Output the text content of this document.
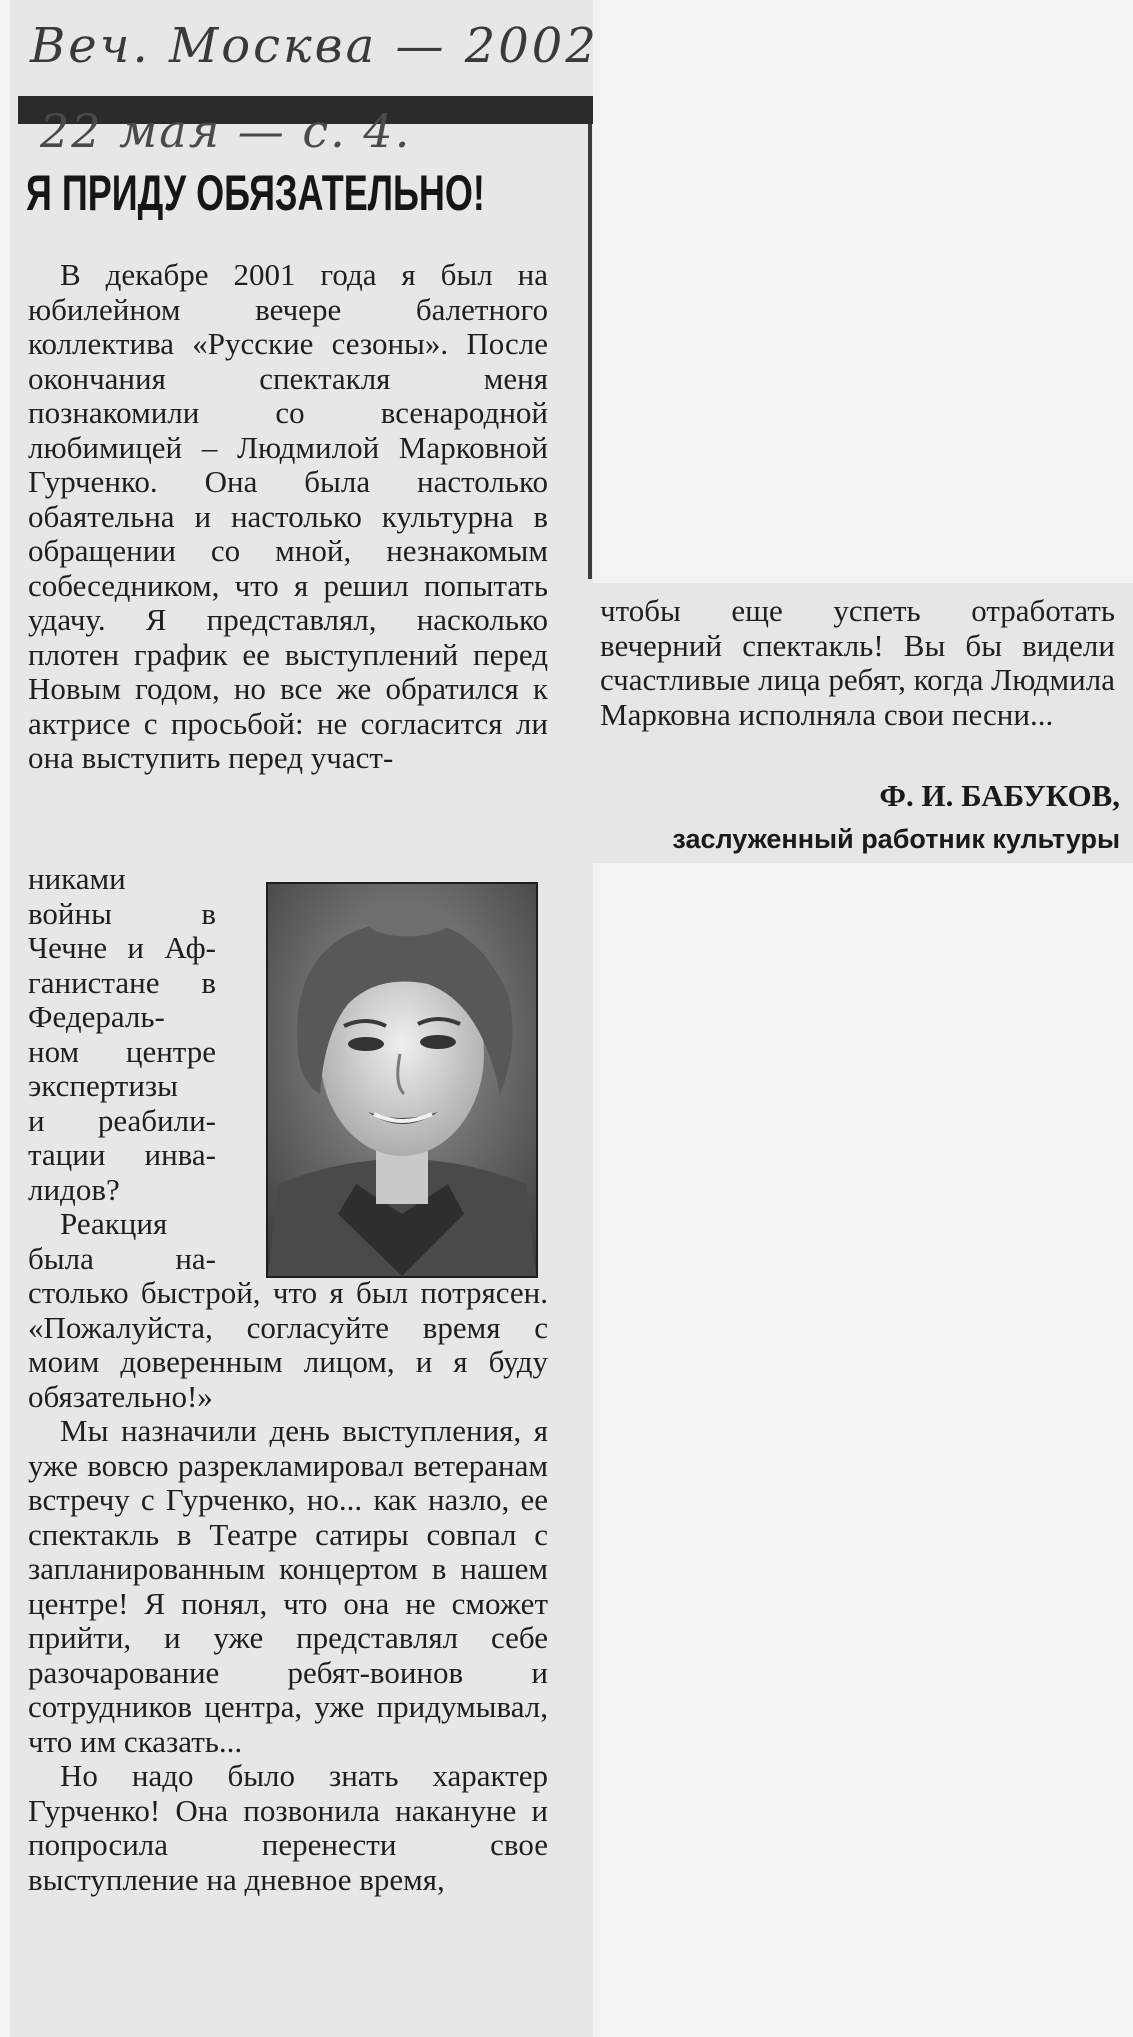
Веч. Москва — 2002
22 мая — с. 4.
Я ПРИДУ ОБЯЗАТЕЛЬНО!

В декабре 2001 года я был на юбилейном вечере балетного коллектива «Русские сезоны». После окончания спектакля меня познакомили со всенародной любимицей – Людмилой Марковной Гурченко. Она была настолько обаятельна и настолько культурна в обращении со мной, незнакомым собеседником, что я решил попытать удачу. Я представлял, насколько плотен график ее выступлений перед Новым годом, но все же обратился к актрисе с просьбой: не согласится ли она выступить перед участ-

никами
войны в
Чечне и Аф-
ганистане в
Федераль-
ном центре
экспертизы
и реабили-
тации инва-
лидов?
Реакция
была на-

столько быстрой, что я был потрясен. «Пожалуйста, согласуйте время с моим доверенным лицом, и я буду обязательно!»

Мы назначили день выступления, я уже вовсю разрекламировал ветеранам встречу с Гурченко, но... как назло, ее спектакль в Театре сатиры совпал с запланированным концертом в нашем центре! Я понял, что она не сможет прийти, и уже представлял себе разочарование ребят-воинов и сотрудников центра, уже придумывал, что им сказать...

Но надо было знать характер Гурченко! Она позвонила накануне и попросила перенести свое выступление на дневное время,

чтобы еще успеть отработать вечерний спектакль! Вы бы видели счастливые лица ребят, когда Людмила Марковна исполняла свои песни...

Ф. И. БАБУКОВ,
заслуженный работник культуры
